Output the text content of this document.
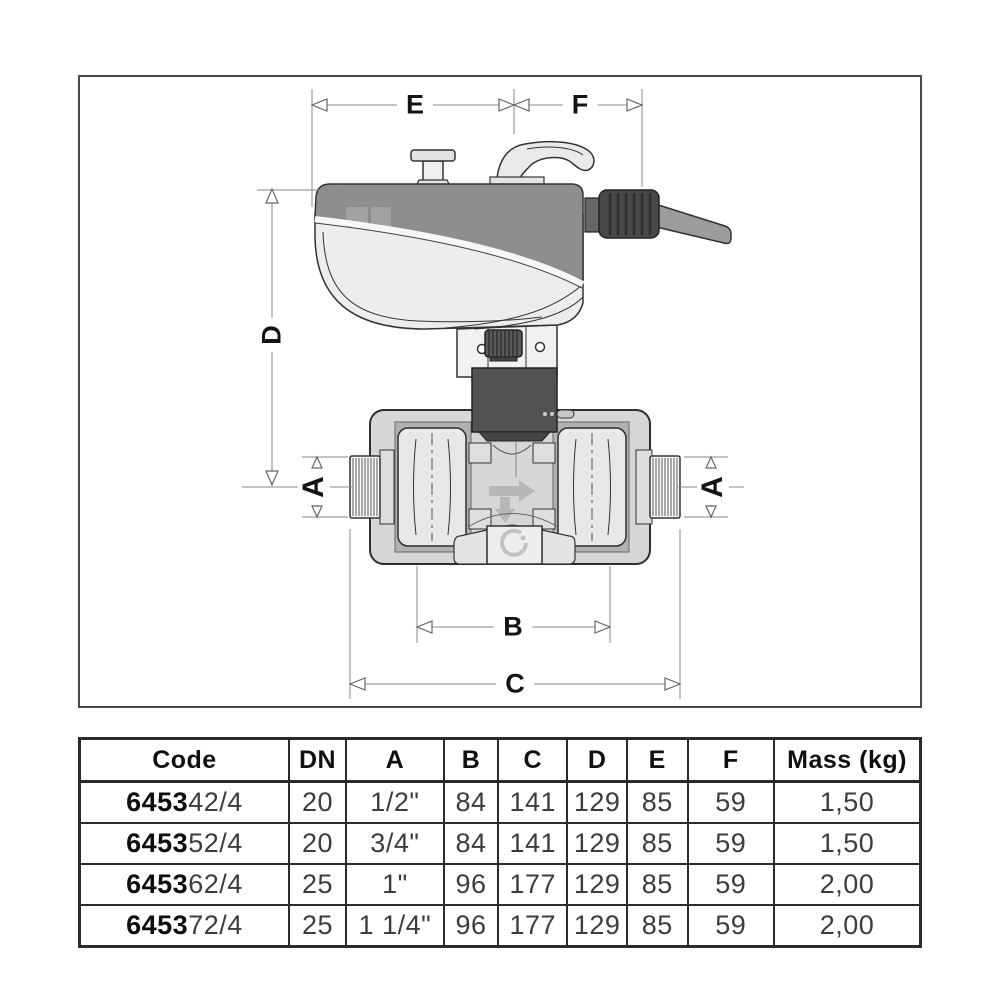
E	F
D
A	A
B
C
Code	DN	A	B	C	D	E	F	Mass (kg)
645342/4	20	1/2"	84	141	129	85	59	1,50
645352/4	20	3/4"	84	141	129	85	59	1,50
645362/4	25	1"	96	177	129	85	59	2,00
645372/4	25	1 1/4"	96	177	129	85	59	2,00
